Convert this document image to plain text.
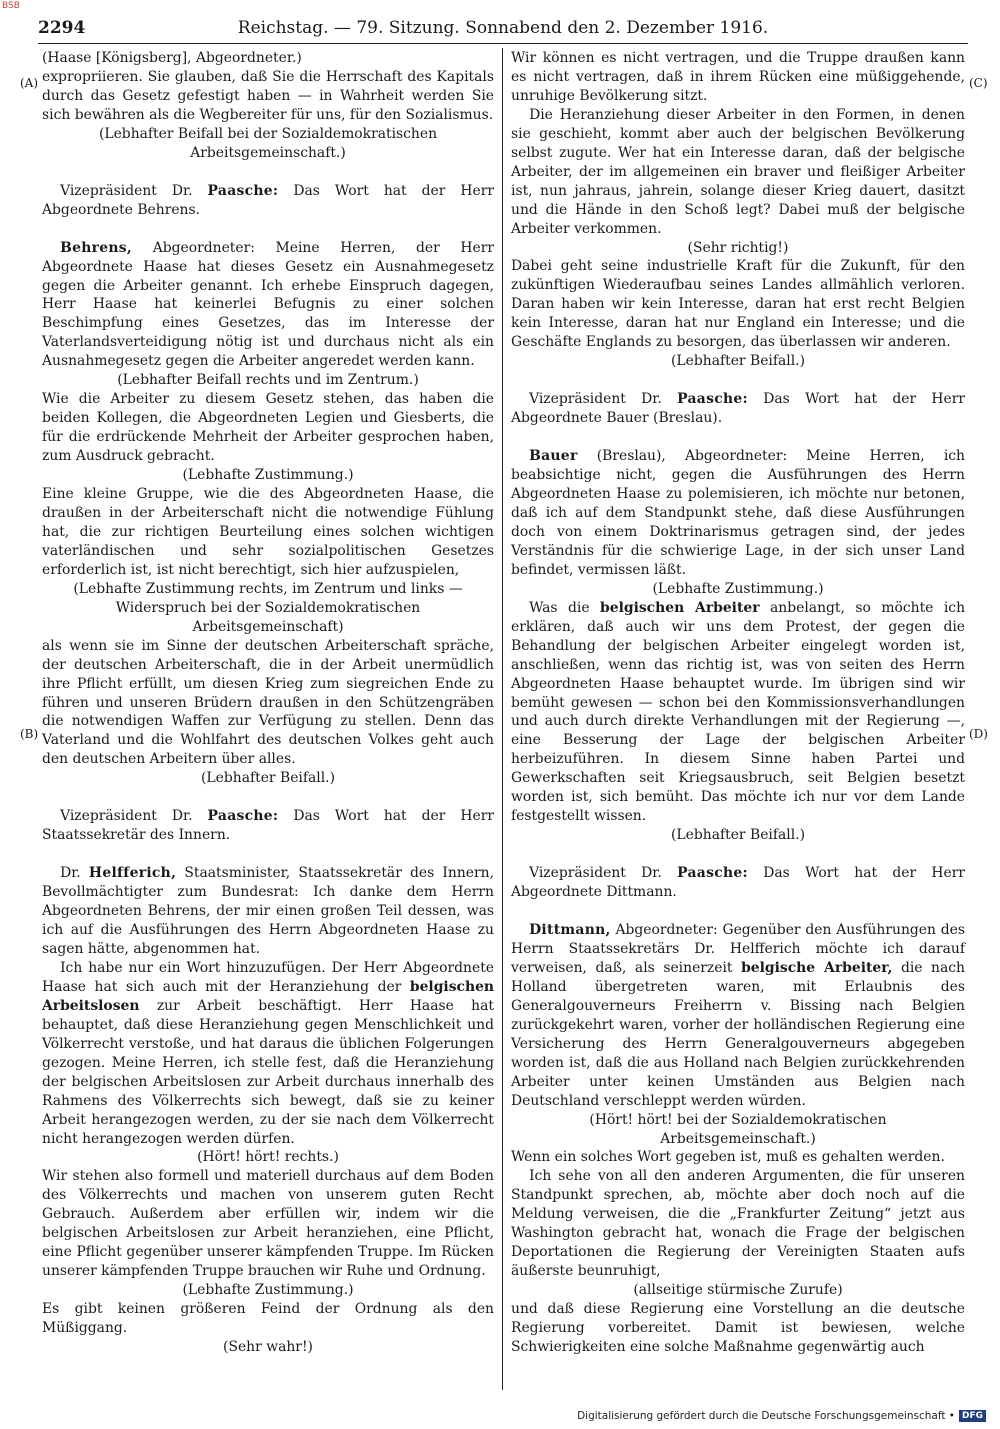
BSB
2294	Reichstag. — 79. Sitzung. Sonnabend den 2. Dezember 1916.
(A)
(B)
(C)
(D)

(Haase [Königsberg], Abgeordneter.)

expropriieren. Sie glauben, daß Sie die Herrschaft des Kapitals durch das Gesetz gefestigt haben — in Wahrheit werden Sie sich bewähren als die Wegbereiter für uns, für den Sozialismus.

(Lebhafter Beifall bei der Sozialdemokratischen Arbeitsgemeinschaft.)

Vizepräsident Dr. Paasche: Das Wort hat der Herr Abgeordnete Behrens.

Behrens, Abgeordneter: Meine Herren, der Herr Abgeordnete Haase hat dieses Gesetz ein Ausnahmegesetz gegen die Arbeiter genannt. Ich erhebe Einspruch dagegen, Herr Haase hat keinerlei Befugnis zu einer solchen Beschimpfung eines Gesetzes, das im Interesse der Vaterlandsverteidigung nötig ist und durchaus nicht als ein Ausnahmegesetz gegen die Arbeiter angeredet werden kann.

(Lebhafter Beifall rechts und im Zentrum.)

Wie die Arbeiter zu diesem Gesetz stehen, das haben die beiden Kollegen, die Abgeordneten Legien und Giesberts, die für die erdrückende Mehrheit der Arbeiter gesprochen haben, zum Ausdruck gebracht.

(Lebhafte Zustimmung.)

Eine kleine Gruppe, wie die des Abgeordneten Haase, die draußen in der Arbeiterschaft nicht die notwendige Fühlung hat, die zur richtigen Beurteilung eines solchen wichtigen vaterländischen und sehr sozialpolitischen Gesetzes erforderlich ist, ist nicht berechtigt, sich hier aufzuspielen,

(Lebhafte Zustimmung rechts, im Zentrum und links — Widerspruch bei der Sozialdemokratischen Arbeitsgemeinschaft)

als wenn sie im Sinne der deutschen Arbeiterschaft spräche, der deutschen Arbeiterschaft, die in der Arbeit unermüdlich ihre Pflicht erfüllt, um diesen Krieg zum siegreichen Ende zu führen und unseren Brüdern draußen in den Schützengräben die notwendigen Waffen zur Verfügung zu stellen. Denn das Vaterland und die Wohlfahrt des deutschen Volkes geht auch den deutschen Arbeitern über alles.

(Lebhafter Beifall.)

Vizepräsident Dr. Paasche: Das Wort hat der Herr Staatssekretär des Innern.

Dr. Helfferich, Staatsminister, Staatssekretär des Innern, Bevollmächtigter zum Bundesrat: Ich danke dem Herrn Abgeordneten Behrens, der mir einen großen Teil dessen, was ich auf die Ausführungen des Herrn Abgeordneten Haase zu sagen hätte, abgenommen hat.

Ich habe nur ein Wort hinzuzufügen. Der Herr Abgeordnete Haase hat sich auch mit der Heranziehung der belgischen Arbeitslosen zur Arbeit beschäftigt. Herr Haase hat behauptet, daß diese Heranziehung gegen Menschlichkeit und Völkerrecht verstoße, und hat daraus die üblichen Folgerungen gezogen. Meine Herren, ich stelle fest, daß die Heranziehung der belgischen Arbeitslosen zur Arbeit durchaus innerhalb des Rahmens des Völkerrechts sich bewegt, daß sie zu keiner Arbeit herangezogen werden, zu der sie nach dem Völkerrecht nicht herangezogen werden dürfen.

(Hört! hört! rechts.)

Wir stehen also formell und materiell durchaus auf dem Boden des Völkerrechts und machen von unserem guten Recht Gebrauch. Außerdem aber erfüllen wir, indem wir die belgischen Arbeitslosen zur Arbeit heranziehen, eine Pflicht, eine Pflicht gegenüber unserer kämpfenden Truppe. Im Rücken unserer kämpfenden Truppe brauchen wir Ruhe und Ordnung.

(Lebhafte Zustimmung.)

Es gibt keinen größeren Feind der Ordnung als den Müßiggang.

(Sehr wahr!)

Wir können es nicht vertragen, und die Truppe draußen kann es nicht vertragen, daß in ihrem Rücken eine müßiggehende, unruhige Bevölkerung sitzt.

Die Heranziehung dieser Arbeiter in den Formen, in denen sie geschieht, kommt aber auch der belgischen Bevölkerung selbst zugute. Wer hat ein Interesse daran, daß der belgische Arbeiter, der im allgemeinen ein braver und fleißiger Arbeiter ist, nun jahraus, jahrein, solange dieser Krieg dauert, dasitzt und die Hände in den Schoß legt? Dabei muß der belgische Arbeiter verkommen.

(Sehr richtig!)

Dabei geht seine industrielle Kraft für die Zukunft, für den zukünftigen Wiederaufbau seines Landes allmählich verloren. Daran haben wir kein Interesse, daran hat erst recht Belgien kein Interesse, daran hat nur England ein Interesse; und die Geschäfte Englands zu besorgen, das überlassen wir anderen.

(Lebhafter Beifall.)

Vizepräsident Dr. Paasche: Das Wort hat der Herr Abgeordnete Bauer (Breslau).

Bauer (Breslau), Abgeordneter: Meine Herren, ich beabsichtige nicht, gegen die Ausführungen des Herrn Abgeordneten Haase zu polemisieren, ich möchte nur betonen, daß ich auf dem Standpunkt stehe, daß diese Ausführungen doch von einem Doktrinarismus getragen sind, der jedes Verständnis für die schwierige Lage, in der sich unser Land befindet, vermissen läßt.

(Lebhafte Zustimmung.)

Was die belgischen Arbeiter anbelangt, so möchte ich erklären, daß auch wir uns dem Protest, der gegen die Behandlung der belgischen Arbeiter eingelegt worden ist, anschließen, wenn das richtig ist, was von seiten des Herrn Abgeordneten Haase behauptet wurde. Im übrigen sind wir bemüht gewesen — schon bei den Kommissionsverhandlungen und auch durch direkte Verhandlungen mit der Regierung —, eine Besserung der Lage der belgischen Arbeiter herbeizuführen. In diesem Sinne haben Partei und Gewerkschaften seit Kriegsausbruch, seit Belgien besetzt worden ist, sich bemüht. Das möchte ich nur vor dem Lande festgestellt wissen.

(Lebhafter Beifall.)

Vizepräsident Dr. Paasche: Das Wort hat der Herr Abgeordnete Dittmann.

Dittmann, Abgeordneter: Gegenüber den Ausführungen des Herrn Staatssekretärs Dr. Helfferich möchte ich darauf verweisen, daß, als seinerzeit belgische Arbeiter, die nach Holland übergetreten waren, mit Erlaubnis des Generalgouverneurs Freiherrn v. Bissing nach Belgien zurückgekehrt waren, vorher der holländischen Regierung eine Versicherung des Herrn Generalgouverneurs abgegeben worden ist, daß die aus Holland nach Belgien zurückkehrenden Arbeiter unter keinen Umständen aus Belgien nach Deutschland verschleppt werden würden.

(Hört! hört! bei der Sozialdemokratischen Arbeitsgemeinschaft.)

Wenn ein solches Wort gegeben ist, muß es gehalten werden.

Ich sehe von all den anderen Argumenten, die für unseren Standpunkt sprechen, ab, möchte aber doch noch auf die Meldung verweisen, die die „Frankfurter Zeitung“ jetzt aus Washington gebracht hat, wonach die Frage der belgischen Deportationen die Regierung der Vereinigten Staaten aufs äußerste beunruhigt,

(allseitige stürmische Zurufe)

und daß diese Regierung eine Vorstellung an die deutsche Regierung vorbereitet. Damit ist bewiesen, welche Schwierigkeiten eine solche Maßnahme gegenwärtig auch

Digitalisierung gefördert durch die Deutsche Forschungsgemeinschaft • DFG
